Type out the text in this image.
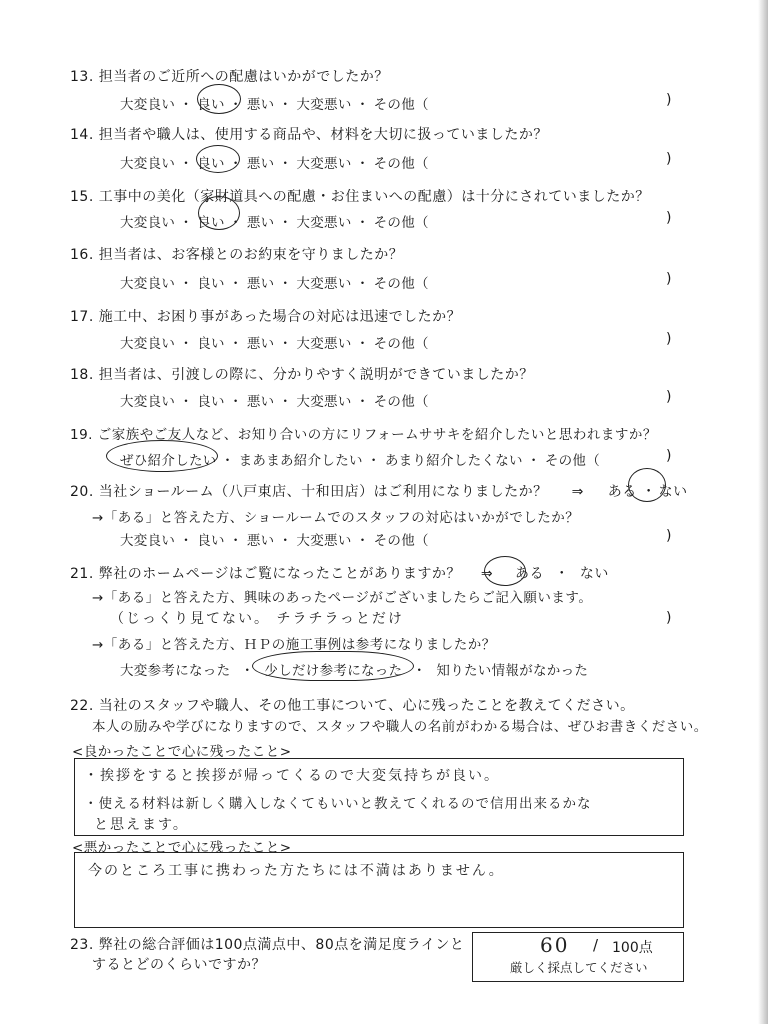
13. 担当者のご近所への配慮はいかがでしたか？
大変良い ・ 良い ・ 悪い ・ 大変悪い ・ その他（	)
14. 担当者や職人は、使用する商品や、材料を大切に扱っていましたか？
大変良い ・ 良い ・ 悪い ・ 大変悪い ・ その他（	)
15. 工事中の美化（家財道具への配慮・お住まいへの配慮）は十分にされていましたか？
大変良い ・ 良い ・ 悪い ・ 大変悪い ・ その他（	)
16. 担当者は、お客様とのお約束を守りましたか？
大変良い ・ 良い ・ 悪い ・ 大変悪い ・ その他（	)
17. 施工中、お困り事があった場合の対応は迅速でしたか？
大変良い ・ 良い ・ 悪い ・ 大変悪い ・ その他（	)
18. 担当者は、引渡しの際に、分かりやすく説明ができていましたか？
大変良い ・ 良い ・ 悪い ・ 大変悪い ・ その他（	)
19. ご家族やご友人など、お知り合いの方にリフォームササキを紹介したいと思われますか？
ぜひ紹介したい ・ まあまあ紹介したい ・ あまり紹介したくない ・ その他（	)
20. 当社ショールーム（八戸東店、十和田店）はご利用になりましたか？ ⇒ ある ・ ない
→「ある」と答えた方、ショールームでのスタッフの対応はいかがでしたか？
大変良い ・ 良い ・ 悪い ・ 大変悪い ・ その他（	)
21. 弊社のホームページはご覧になったことがありますか？ ⇒ ある ・ ない
→「ある」と答えた方、興味のあったページがございましたらご記入願います。
（じっくり見てない。 チラチラっとだけ	)
→「ある」と答えた方、ＨＰの施工事例は参考になりましたか？
大変参考になった ・ 少しだけ参考になった ・ 知りたい情報がなかった
22. 当社のスタッフや職人、その他工事について、心に残ったことを教えてください。
本人の励みや学びになりますので、スタッフや職人の名前がわかる場合は、ぜひお書きください。
<良かったことで心に残ったこと>
・挨拶をすると挨拶が帰ってくるので大変気持ちが良い。
・使える材料は新しく購入しなくてもいいと教えてくれるので信用出来るかな
と思えます。
<悪かったことで心に残ったこと>
今のところ工事に携わった方たちには不満はありません。
23. 弊社の総合評価は100点満点中、80点を満足度ラインと
するとどのくらいですか？
60 / 100点
厳しく採点してください
